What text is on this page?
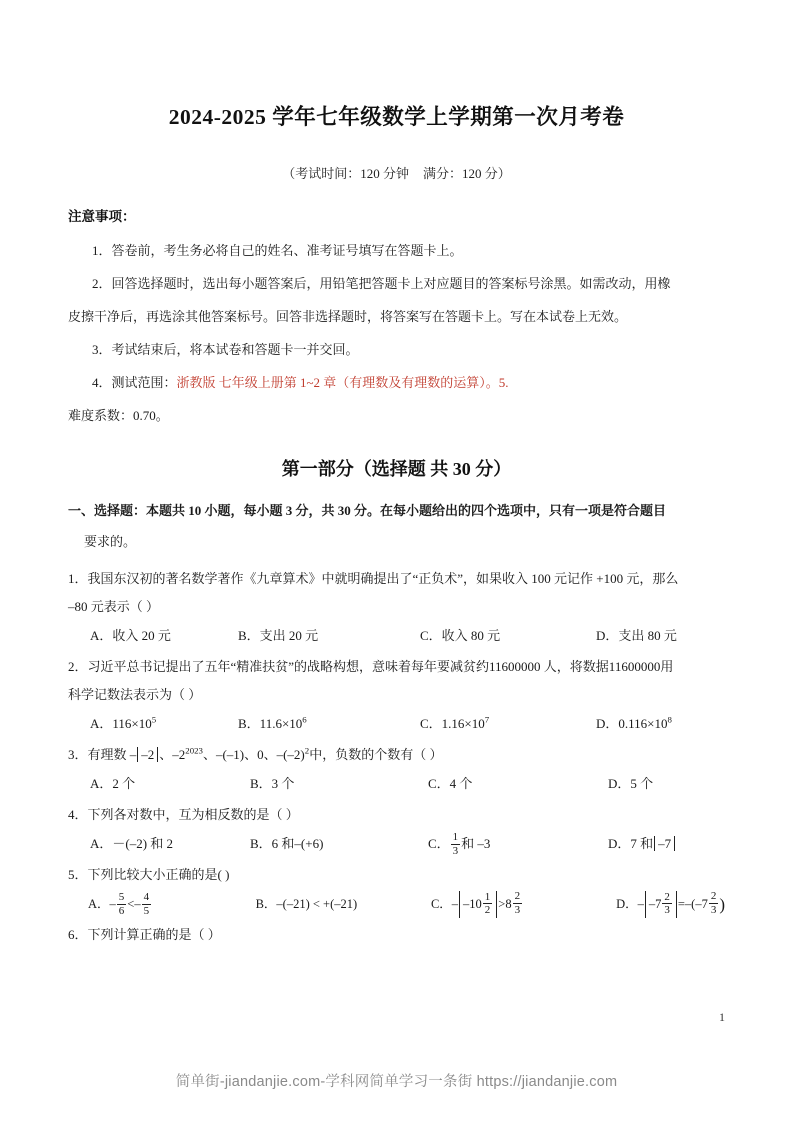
2024-2025 学年七年级数学上学期第一次月考卷
（考试时间：120 分钟 满分：120 分）

注意事项：

1．答卷前，考生务必将自己的姓名、准考证号填写在答题卡上。

2．回答选择题时，选出每小题答案后，用铅笔把答题卡上对应题目的答案标号涂黑。如需改动，用橡

皮擦干净后，再选涂其他答案标号。回答非选择题时，将答案写在答题卡上。写在本试卷上无效。

3．考试结束后，将本试卷和答题卡一并交回。

4．测试范围：浙教版 七年级上册第 1~2 章（有理数及有理数的运算）。5.

难度系数：0.70。

第一部分（选择题 共 30 分）

一、选择题：本题共 10 小题，每小题 3 分，共 30 分。在每小题给出的四个选项中，只有一项是符合题目

要求的。

1．我国东汉初的著名数学著作《九章算术》中就明确提出了“正负术”，如果收入 100 元记作 +100 元，那么

–80 元表示（ ）

A．收入 20 元	B．支出 20 元	C．收入 80 元	D．支出 80 元

2．习近平总书记提出了五年“精准扶贫”的战略构想，意味着每年要减贫约11600000 人，将数据11600000用

科学记数法表示为（ ）

A．$116\times 10^5$	B．$11.6\times 10^6$	C．$1.16\times 10^7$	D．$0.116\times 10^8$

3．有理数 – –2 、$-2^{2023}$、–(–1)、0、$-(-2)^2$中，负数的个数有（ ）

A．2 个	B．3 个	C．4 个	D．5 个

4．下列各对数中，互为相反数的是（ ）

A．－(–2) 和 2	B．6 和–(+6)	C． $\frac{1}{3}$ 和 –3	D．7 和 –7

5．下列比较大小正确的是( )

A．– $\frac{5}{6} <- \frac{4}{5}$	B．–(–21) < +(–21)	C．– $-10 \frac{1}{2} > 8 \frac{2}{3}$	D．– $-7 \frac{2}{3} = -(-7 \frac{2}{3}$ )

6．下列计算正确的是（ ）

1
简单街-jiandanjie.com-学科网简单学习一条街 https://jiandanjie.com
